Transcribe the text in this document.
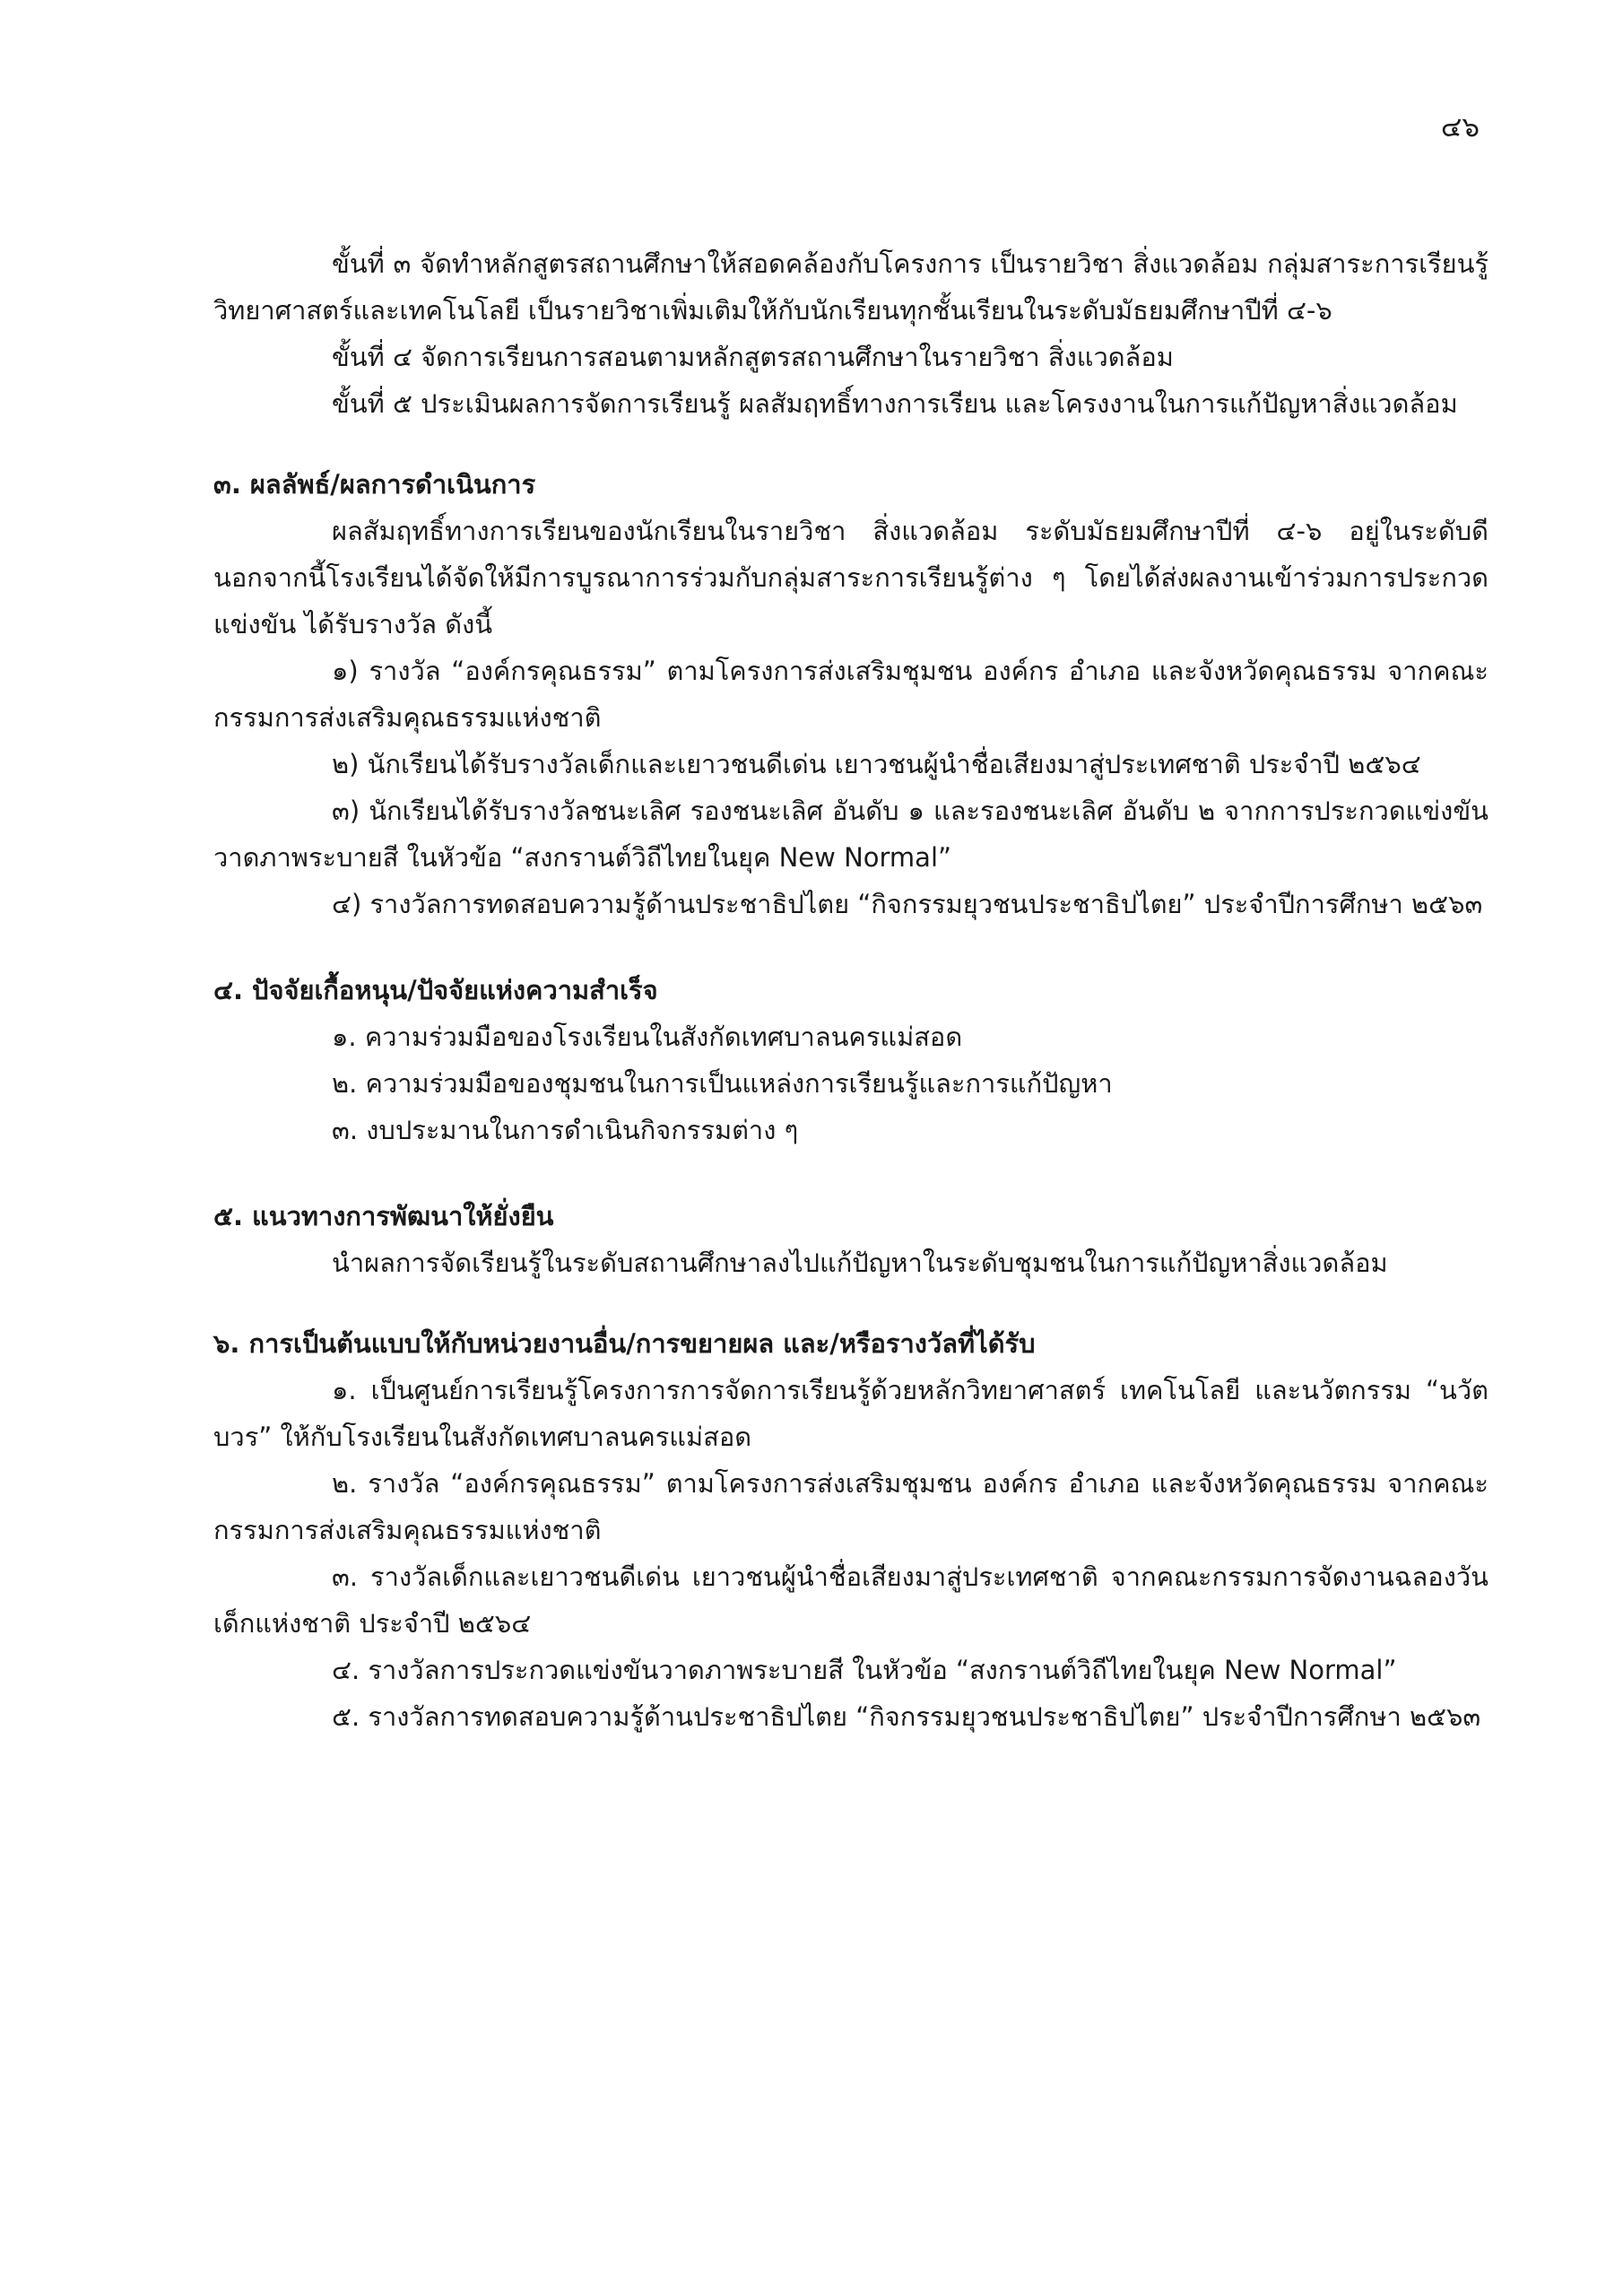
๔๖

ขั้นที่ ๓ จัดทำหลักสูตรสถานศึกษาให้สอดคล้องกับโครงการ เป็นรายวิชา สิ่งแวดล้อม กลุ่มสาระการเรียนรู้วิทยาศาสตร์และเทคโนโลยี เป็นรายวิชาเพิ่มเติมให้กับนักเรียนทุกชั้นเรียนในระดับมัธยมศึกษาปีที่ ๔-๖

ขั้นที่ ๔ จัดการเรียนการสอนตามหลักสูตรสถานศึกษาในรายวิชา สิ่งแวดล้อม

ขั้นที่ ๕ ประเมินผลการจัดการเรียนรู้ ผลสัมฤทธิ์ทางการเรียน และโครงงานในการแก้ปัญหาสิ่งแวดล้อม

๓. ผลลัพธ์/ผลการดำเนินการ

ผลสัมฤทธิ์ทางการเรียนของนักเรียนในรายวิชา สิ่งแวดล้อม ระดับมัธยมศึกษาปีที่ ๔-๖ อยู่ในระดับดี นอกจากนี้โรงเรียนได้จัดให้มีการบูรณาการร่วมกับกลุ่มสาระการเรียนรู้ต่าง ๆ โดยได้ส่งผลงานเข้าร่วมการประกวดแข่งขัน ได้รับรางวัล ดังนี้

๑) รางวัล “องค์กรคุณธรรม” ตามโครงการส่งเสริมชุมชน องค์กร อำเภอ และจังหวัดคุณธรรม จากคณะกรรมการส่งเสริมคุณธรรมแห่งชาติ

๒) นักเรียนได้รับรางวัลเด็กและเยาวชนดีเด่น เยาวชนผู้นำชื่อเสียงมาสู่ประเทศชาติ ประจำปี ๒๕๖๔

๓) นักเรียนได้รับรางวัลชนะเลิศ รองชนะเลิศ อันดับ ๑ และรองชนะเลิศ อันดับ ๒ จากการประกวดแข่งขันวาดภาพระบายสี ในหัวข้อ “สงกรานต์วิถีไทยในยุค New Normal”

๔) รางวัลการทดสอบความรู้ด้านประชาธิปไตย “กิจกรรมยุวชนประชาธิปไตย” ประจำปีการศึกษา ๒๕๖๓

๔. ปัจจัยเกื้อหนุน/ปัจจัยแห่งความสำเร็จ

๑. ความร่วมมือของโรงเรียนในสังกัดเทศบาลนครแม่สอด

๒. ความร่วมมือของชุมชนในการเป็นแหล่งการเรียนรู้และการแก้ปัญหา

๓. งบประมานในการดำเนินกิจกรรมต่าง ๆ

๕. แนวทางการพัฒนาให้ยั่งยืน

นำผลการจัดเรียนรู้ในระดับสถานศึกษาลงไปแก้ปัญหาในระดับชุมชนในการแก้ปัญหาสิ่งแวดล้อม

๖. การเป็นต้นแบบให้กับหน่วยงานอื่น/การขยายผล และ/หรือรางวัลที่ได้รับ

๑. เป็นศูนย์การเรียนรู้โครงการการจัดการเรียนรู้ด้วยหลักวิทยาศาสตร์ เทคโนโลยี และนวัตกรรม “นวัตบวร” ให้กับโรงเรียนในสังกัดเทศบาลนครแม่สอด

๒. รางวัล “องค์กรคุณธรรม” ตามโครงการส่งเสริมชุมชน องค์กร อำเภอ และจังหวัดคุณธรรม จากคณะกรรมการส่งเสริมคุณธรรมแห่งชาติ

๓. รางวัลเด็กและเยาวชนดีเด่น เยาวชนผู้นำชื่อเสียงมาสู่ประเทศชาติ จากคณะกรรมการจัดงานฉลองวันเด็กแห่งชาติ ประจำปี ๒๕๖๔

๔. รางวัลการประกวดแข่งขันวาดภาพระบายสี ในหัวข้อ “สงกรานต์วิถีไทยในยุค New Normal”

๕. รางวัลการทดสอบความรู้ด้านประชาธิปไตย “กิจกรรมยุวชนประชาธิปไตย” ประจำปีการศึกษา ๒๕๖๓
